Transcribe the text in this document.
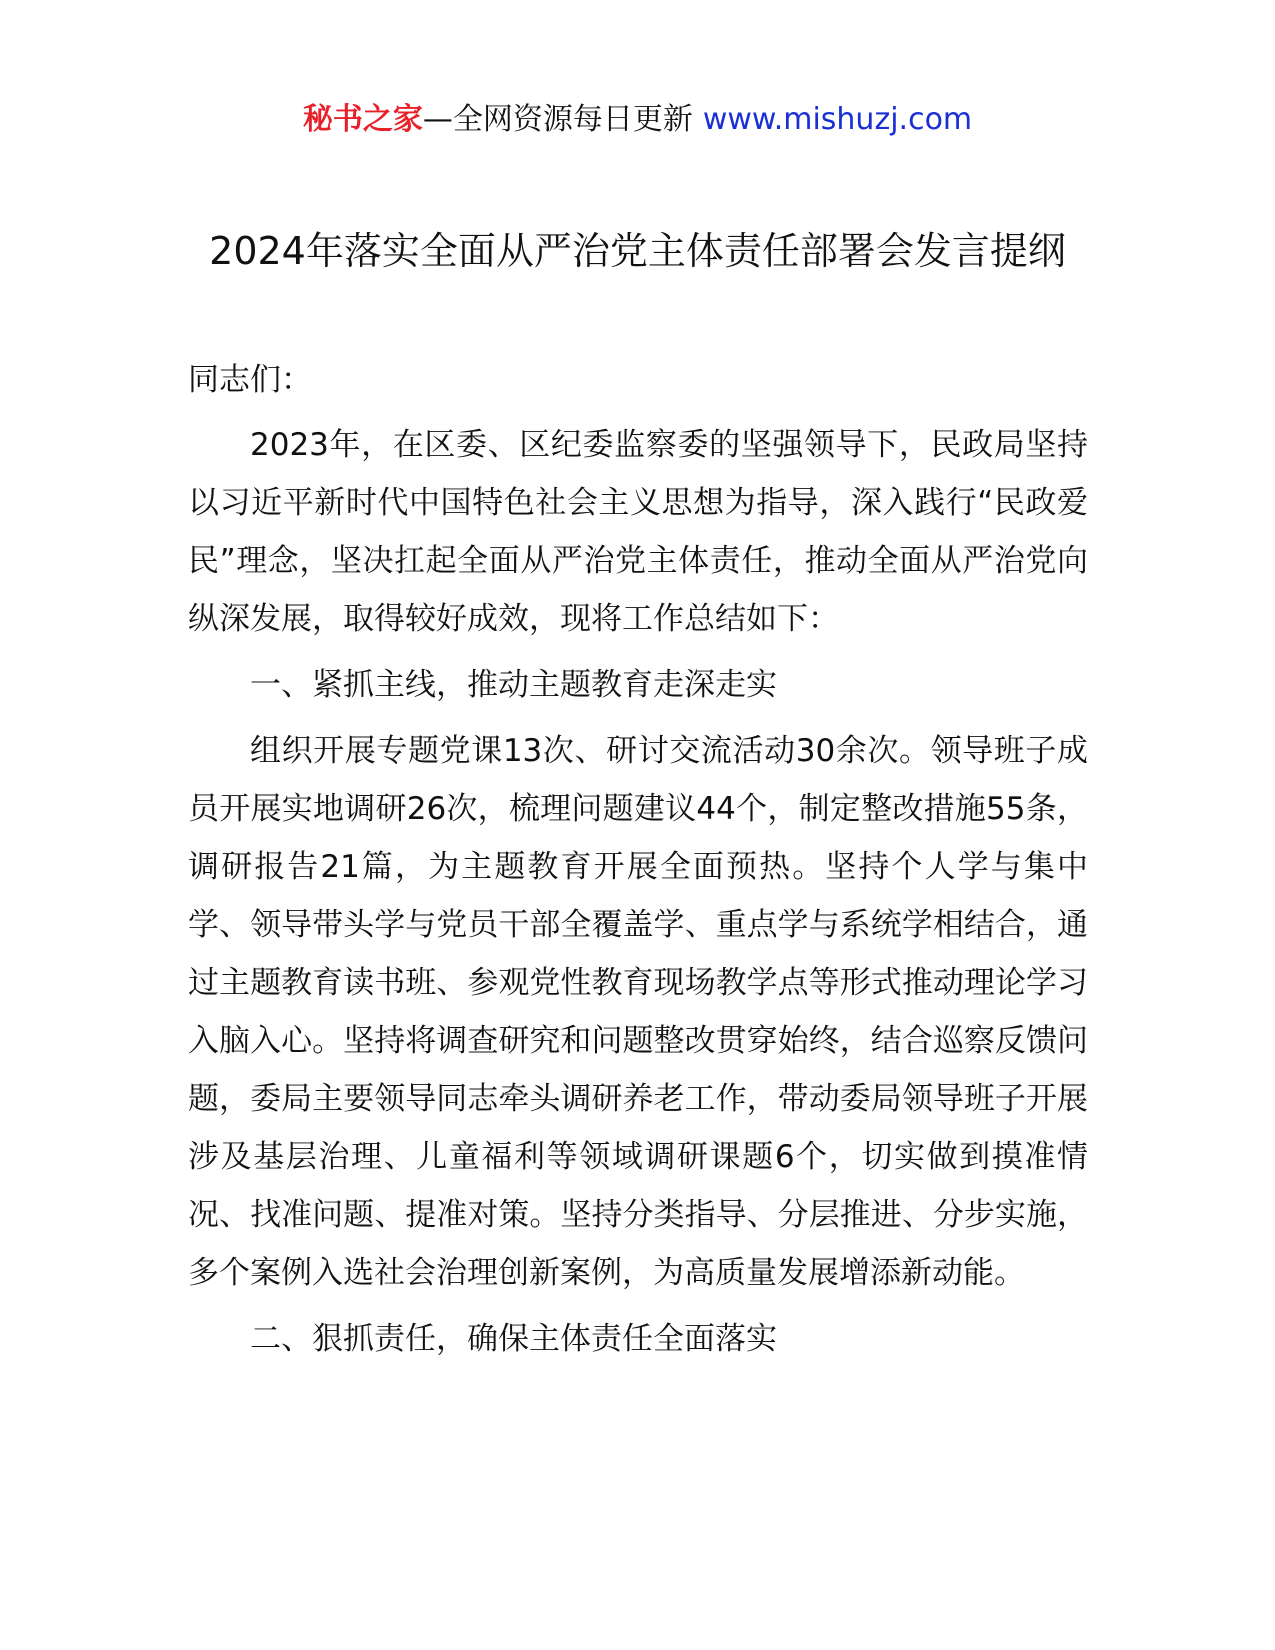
秘书之家—全网资源每日更新 www.mishuzj.com
2024年落实全面从严治党主体责任部署会发言提纲

同志们：

2023年，在区委、区纪委监察委的坚强领导下，民政局坚持以习近平新时代中国特色社会主义思想为指导，深入践行“民政爱民”理念，坚决扛起全面从严治党主体责任，推动全面从严治党向纵深发展，取得较好成效，现将工作总结如下：

一、紧抓主线，推动主题教育走深走实

组织开展专题党课13次、研讨交流活动30余次。领导班子成员开展实地调研26次，梳理问题建议44个，制定整改措施55条，调研报告21篇，为主题教育开展全面预热。坚持个人学与集中学、领导带头学与党员干部全覆盖学、重点学与系统学相结合，通过主题教育读书班、参观党性教育现场教学点等形式推动理论学习入脑入心。坚持将调查研究和问题整改贯穿始终，结合巡察反馈问题，委局主要领导同志牵头调研养老工作，带动委局领导班子开展涉及基层治理、儿童福利等领域调研课题6个，切实做到摸准情况、找准问题、提准对策。坚持分类指导、分层推进、分步实施，多个案例入选社会治理创新案例，为高质量发展增添新动能。

二、狠抓责任，确保主体责任全面落实
